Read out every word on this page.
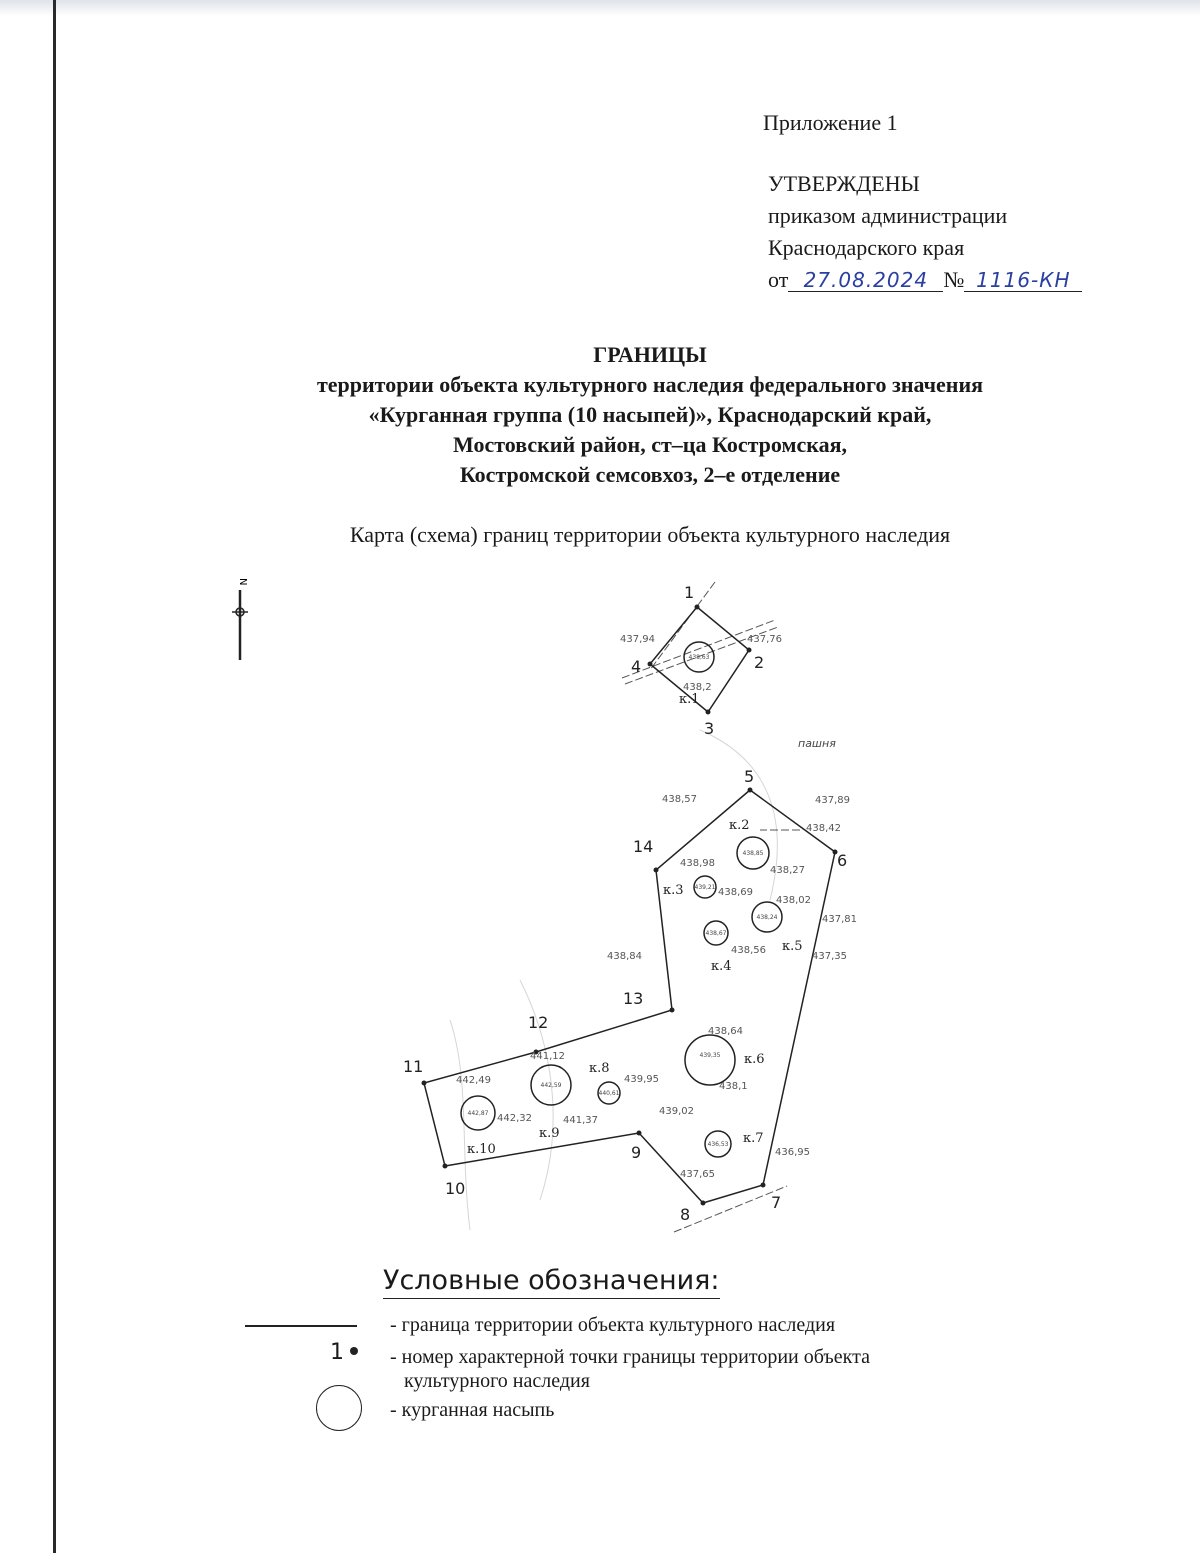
Приложение 1
УТВЕРЖДЕНЫ
приказом администрации
Краснодарского края
от 27.08.2024 № 1116-КН
ГРАНИЦЫ
территории объекта культурного наследия федерального значения
«Курганная группа (10 насыпей)», Краснодарский край,
Мостовский район, ст–ца Костромская,
Костромской семсовхоз, 2–е отделение
Карта (схема) границ территории объекта культурного наследия
N
1
2
3
4
5
6
7
8
9
10
11
12
13
14
438,63
438,85
439,21
438,67
438,24
439,35
436,53
440,61
442,59
442,87
к.1
к.2
к.3
к.4
к.5
к.6
к.7
к.8
к.9
к.10
пашня
437,94	437,76
438,2
438,57	437,89
438,42
438,98
438,27
438,69
438,02
437,81
438,84
438,56
437,35
438,64
441,12
439,95
442,49
438,1
439,02
442,32	441,37
436,95
437,65
Условные обозначения:
- граница территории объекта культурного наследия
1 - номер характерной точки границы территории объекта
культурного наследия
- курганная насыпь
